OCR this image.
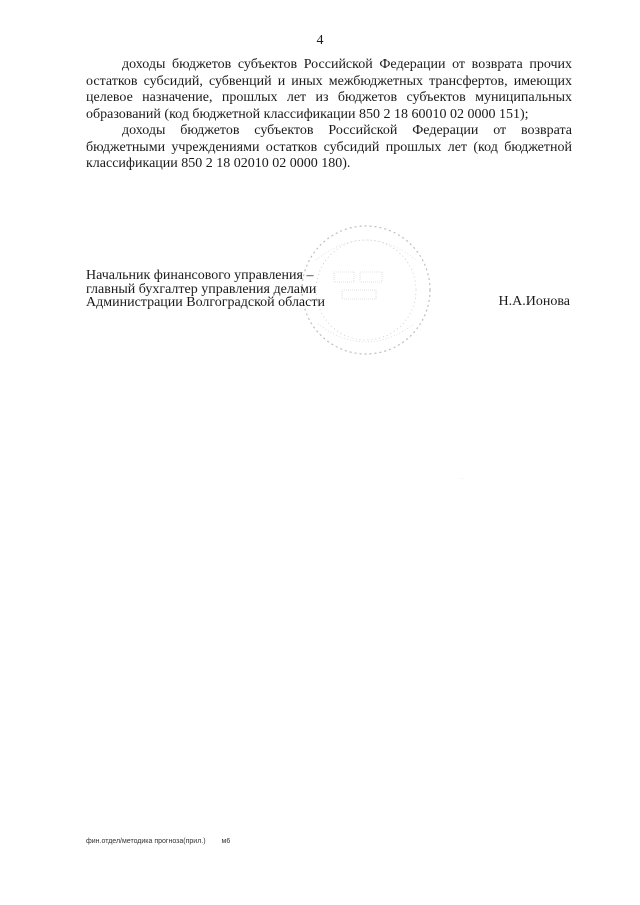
4

доходы бюджетов субъектов Российской Федерации от возврата прочих остатков субсидий, субвенций и иных межбюджетных трансфертов, имеющих целевое назначение, прошлых лет из бюджетов субъектов муниципальных образований (код бюджетной классификации 850 2 18 60010 02 0000 151);

доходы бюджетов субъектов Российской Федерации от возврата бюджетными учреждениями остатков субсидий прошлых лет (код бюджетной классификации 850 2 18 02010 02 0000 180).

Начальник финансового управления –
главный бухгалтер управления делами
Администрации Волгоградской области	Н.А.Ионова
· ·
фин.отдел/методика прогноза(прил.) м6
